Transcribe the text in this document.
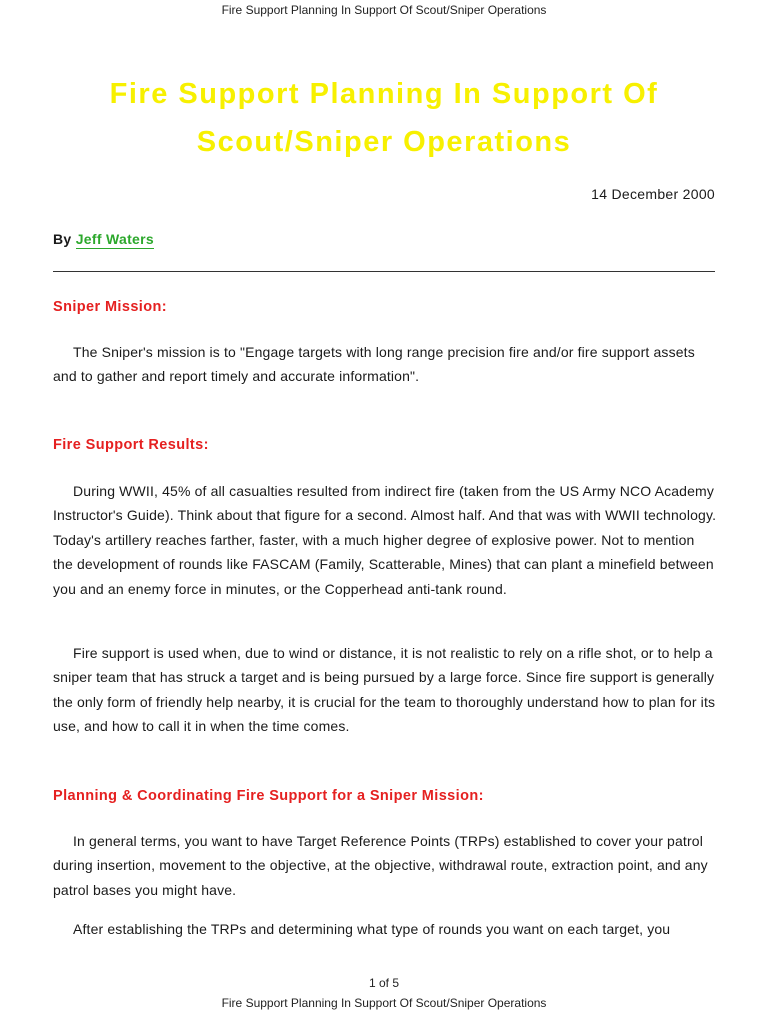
Fire Support Planning In Support Of Scout/Sniper Operations
Fire Support Planning In Support Of
Scout/Sniper Operations
14 December 2000
By Jeff Waters
Sniper Mission:

The Sniper's mission is to "Engage targets with long range precision fire and/or fire support assets and to gather and report timely and accurate information".

Fire Support Results:

During WWII, 45% of all casualties resulted from indirect fire (taken from the US Army NCO Academy Instructor's Guide). Think about that figure for a second. Almost half. And that was with WWII technology. Today's artillery reaches farther, faster, with a much higher degree of explosive power. Not to mention the development of rounds like FASCAM (Family, Scatterable, Mines) that can plant a minefield between you and an enemy force in minutes, or the Copperhead anti-tank round.

Fire support is used when, due to wind or distance, it is not realistic to rely on a rifle shot, or to help a sniper team that has struck a target and is being pursued by a large force. Since fire support is generally the only form of friendly help nearby, it is crucial for the team to thoroughly understand how to plan for its use, and how to call it in when the time comes.

Planning & Coordinating Fire Support for a Sniper Mission:

In general terms, you want to have Target Reference Points (TRPs) established to cover your patrol during insertion, movement to the objective, at the objective, withdrawal route, extraction point, and any patrol bases you might have.

After establishing the TRPs and determining what type of rounds you want on each target, you

1 of 5
Fire Support Planning In Support Of Scout/Sniper Operations
